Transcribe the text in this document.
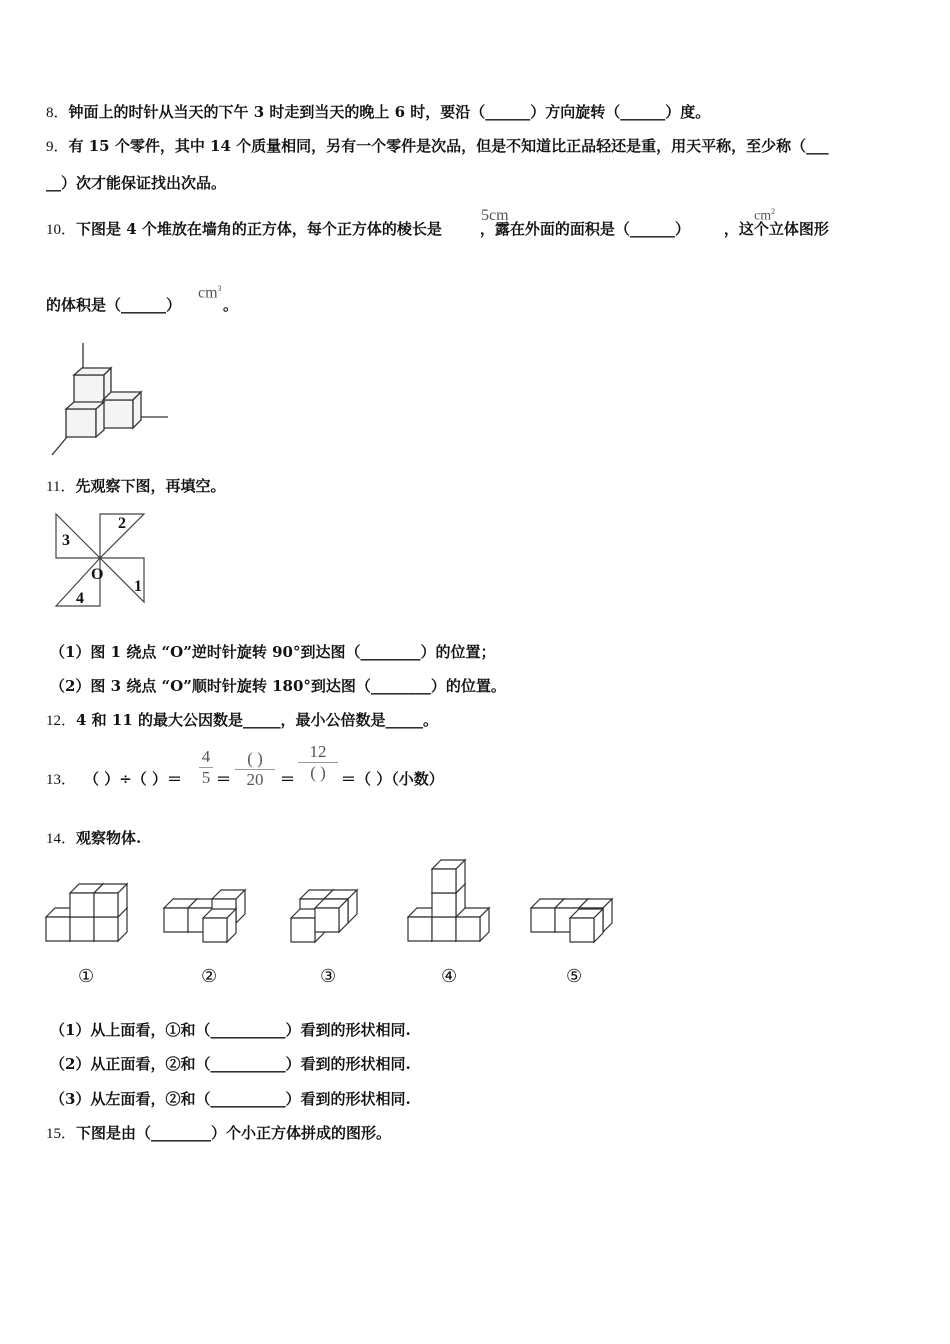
8．钟面上的时针从当天的下午 3 时走到当天的晚上 6 时，要沿（______）方向旋转（______）度。
9．有 15 个零件，其中 14 个质量相同，另有一个零件是次品，但是不知道比正品轻还是重，用天平称，至少称（___
__）次才能保证找出次品。
10．下图是 4 个堆放在墙角的正方体，每个正方体的棱长是	，露在外面的面积是（______） ，这个立体图形
5cm	$cm^2$
的体积是（______）	。
$cm^3$
2
3
1
4
O
11．先观察下图，再填空。
（1）图 1 绕点 “O”逆时针旋转 90°到达图（________）的位置；
（2）图 3 绕点 “O”顺时针旋转 180°到达图（________）的位置。
12．4 和 11 的最大公因数是_____，最小公倍数是_____。
13． （ ）÷（ ）＝ $\frac{4}{5}$ ＝
( )
20	＝
12
( )	＝（ ）（小数）
14．观察物体.
①	②	③	④	⑤
（1）从上面看，①和（__________）看到的形状相同.
（2）从正面看，②和（__________）看到的形状相同.
（3）从左面看，②和（__________）看到的形状相同.
15．下图是由（________）个小正方体拼成的图形。
